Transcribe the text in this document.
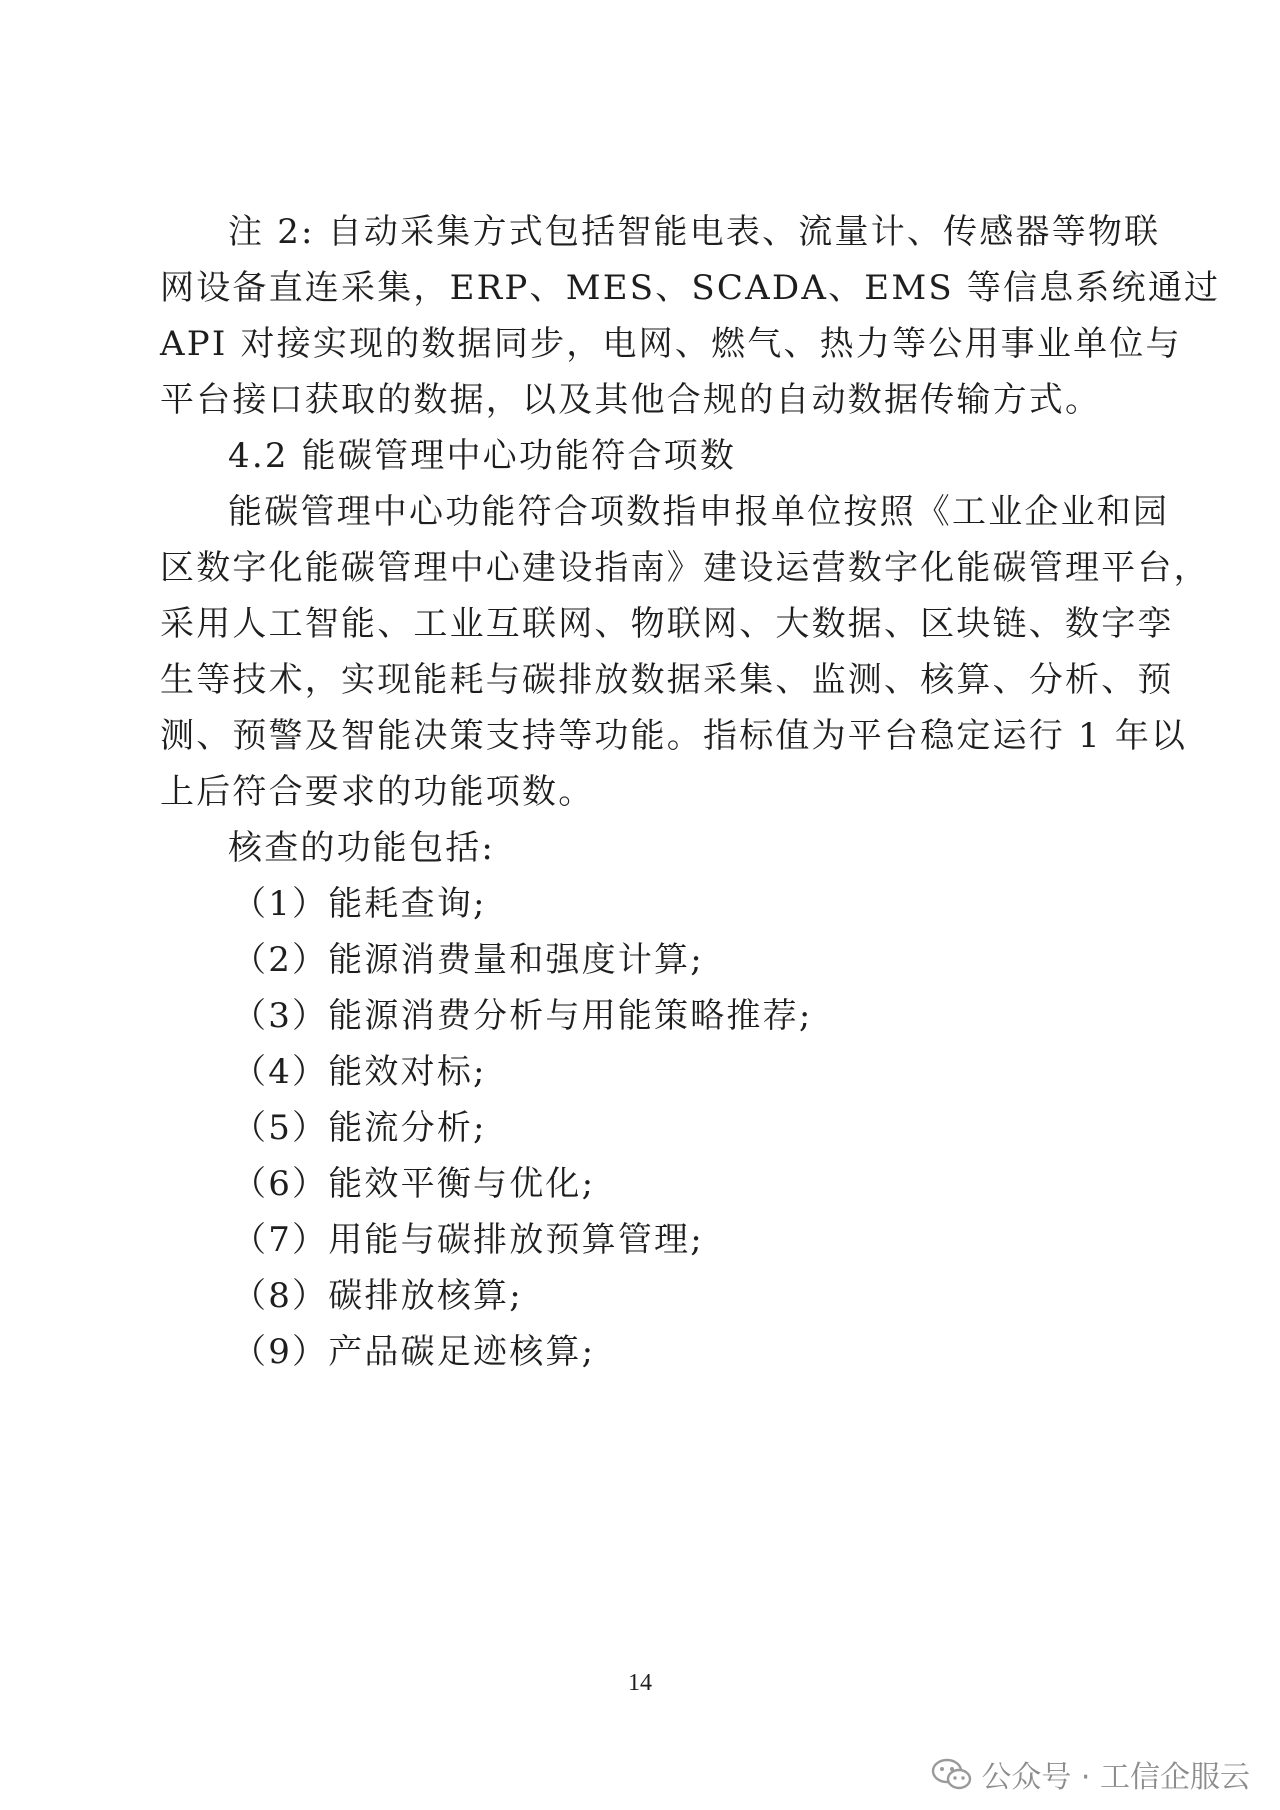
注 2: 自动采集方式包括智能电表、流量计、传感器等物联
网设备直连采集，ERP、MES、SCADA、EMS 等信息系统通过
API 对接实现的数据同步，电网、燃气、热力等公用事业单位与
平台接口获取的数据，以及其他合规的自动数据传输方式。
4.2 能碳管理中心功能符合项数
能碳管理中心功能符合项数指申报单位按照《工业企业和园
区数字化能碳管理中心建设指南》建设运营数字化能碳管理平台，
采用人工智能、工业互联网、物联网、大数据、区块链、数字孪
生等技术，实现能耗与碳排放数据采集、监测、核算、分析、预
测、预警及智能决策支持等功能。指标值为平台稳定运行 1 年以
上后符合要求的功能项数。
核查的功能包括:
（1）能耗查询;
（2）能源消费量和强度计算;
（3）能源消费分析与用能策略推荐;
（4）能效对标;
（5）能流分析;
（6）能效平衡与优化;
（7）用能与碳排放预算管理;
（8）碳排放核算;
（9）产品碳足迹核算;
14
公众号 · 工信企服云
